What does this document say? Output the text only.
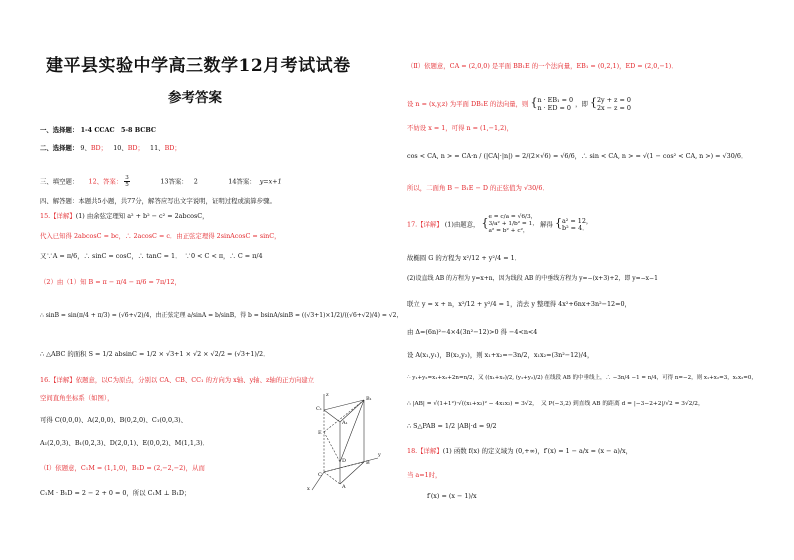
建平县实验中学高三数学12月考试试卷
参考答案
一、选择题： 1-4 CCAC　5-8 BCBC
二、选择题： 9、BD； 10、BD； 11、BD；
三、填空题： 12、答案： $\frac{3}{5}$	13答案： 2	14答案： y=x+1
四、解答题：本题共5小题，共77分，解答应写出文字说明，证明过程或演算步骤。
15.【详解】(1) 由余弦定理知 a² + b² − c² = 2abcosC，
代入已知得 2abcosC = bc，∴ 2acosC = c．由正弦定理得 2sinAcosC = sinC，
又∵A = π/6，∴ sinC = cosC，∴ tanC = 1．　∵0 < C < π，∴ C = π/4
（2）由（1）知 B = π − π/4 − π/6 = 7π/12，
∴ sinB = sin(π/4 + π/3) = (√6+√2)/4，由正弦定理 a/sinA = b/sinB，得 b = bsinA/sinB = ((√3+1)×1/2)/((√6+√2)/4) = √2，
∴ △ABC 的面积 S = 1/2 absinC = 1/2 × √3+1 × √2 × √2/2 = (√3+1)/2．
16.【详解】依题意，以C为原点，分别以 CA、CB、CC₁ 的方向为 x轴、y轴、z轴的正方向建立
空间直角坐标系（如图），
可得 C(0,0,0)、A(2,0,0)、B(0,2,0)、C₁(0,0,3)、
A₁(2,0,3)、B₁(0,2,3)、D(2,0,1)、E(0,0,2)、M(1,1,3)．
（Ⅰ）依题意，C₁M = (1,1,0)，B₁D = (2,−2,−2)，从而
C₁M · B₁D = 2 − 2 + 0 = 0，所以 C₁M ⊥ B₁D；
C₁
A₁
B₁
C
A
B
D
E
z
y
x
（Ⅱ）依题意，CA = (2,0,0) 是平面 BB₁E 的一个法向量，EB₁ = (0,2,1)，ED = (2,0,−1)．
设 n = (x,y,z) 为平面 DB₁E 的法向量，则 { n · EB₁ = 0
n · ED = 0 ，即 { 2y + z = 0
2x − z = 0
不妨设 x = 1，可得 n = (1,−1,2)，
cos < CA, n > = CA·n / (|CA|·|n|) = 2/(2×√6) = √6/6，∴ sin < CA, n > = √(1 − cos² < CA, n >) = √30/6．
所以，二面角 B − B₁E − D 的正弦值为 √30/6．
17.【详解】 (1)由题意， { e = c/a = √6/3，
3/a² + 1/b² = 1，
a² = b² + c²，
解得 { a² = 12，
b² = 4．
故椭圆 G 的方程为 x²/12 + y²/4 = 1．
(2)设直线 AB 的方程为 y=x+n，因为线段 AB 的中垂线方程为 y=−(x+3)+2，即 y=−x−1
联立 y = x + n，x²/12 + y²/4 = 1，消去 y 整理得 4x²+6nx+3n²−12=0，
由 Δ=(6n)²−4×4(3n²−12)>0 得 −4<n<4
设 A(x₁,y₁)，B(x₂,y₂)，则 x₁+x₂=−3n/2，x₁x₂=(3n²−12)/4，
∴ y₁+y₂=x₁+x₂+2n=n/2，又 ((x₁+x₂)/2, (y₁+y₂)/2) 在线段 AB 的中垂线上，∴ −3n/4 −1 = n/4，可得 n=−2，则 x₁+x₂=3，x₁x₂=0，
∴ |AB| = √(1+1²)·√((x₁+x₂)² − 4x₁x₂) = 3√2，　又 P(−3,2) 到直线 AB 的距离 d = |−3−2+2|/√2 = 3√2/2，
∴ S△PAB = 1/2 |AB|·d = 9/2
18.【详解】(1) 函数 f(x) 的定义域为 (0,+∞)，f′(x) = 1 − a/x = (x − a)/x，
当 a=1时，
f′(x) = (x − 1)/x
